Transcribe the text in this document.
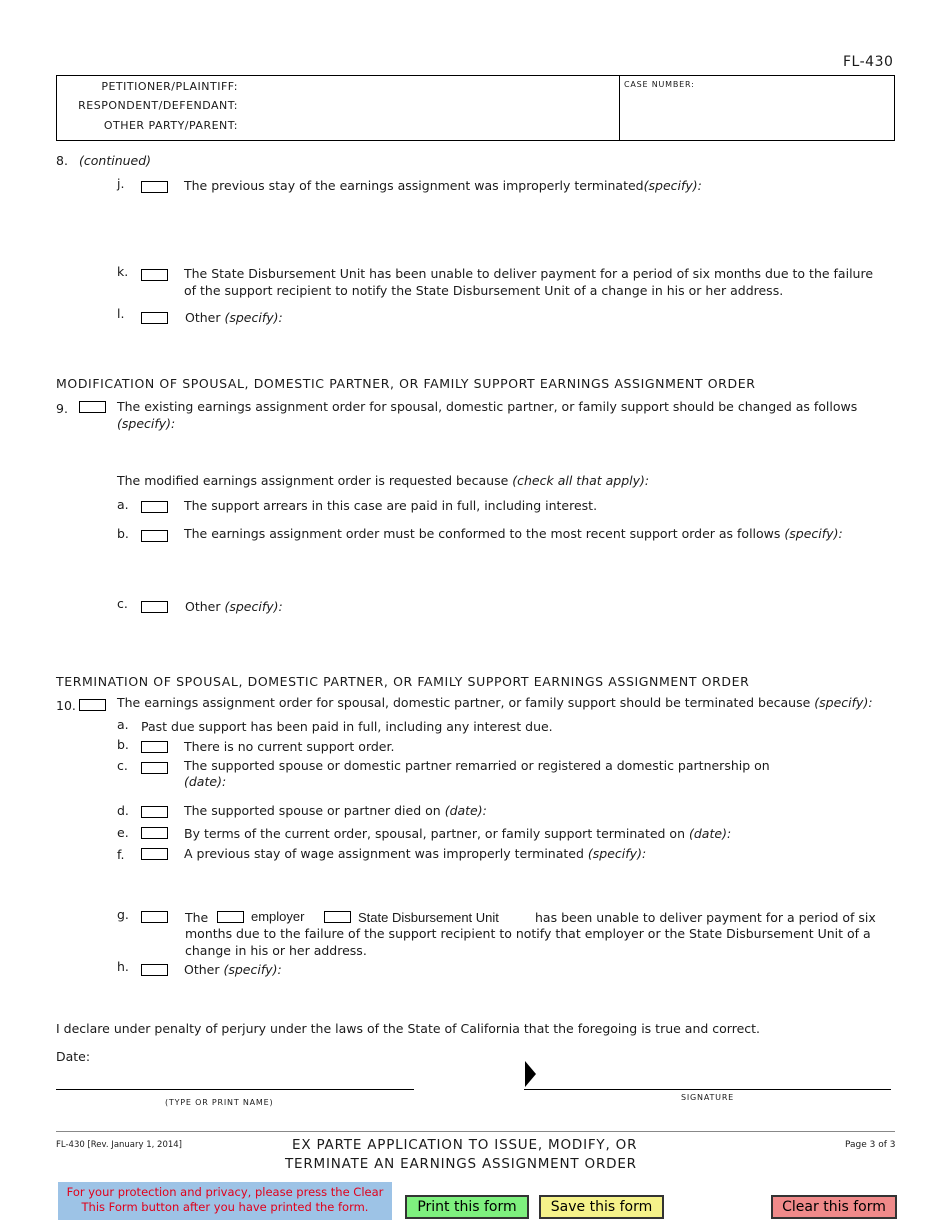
FL-430
PETITIONER/PLAINTIFF:
RESPONDENT/DEFENDANT:
OTHER PARTY/PARENT:
CASE NUMBER:
8. (continued)
j.	The previous stay of the earnings assignment was improperly terminated(specify):
k.	The State Disbursement Unit has been unable to deliver payment for a period of six months due to the failure
of the support recipient to notify the State Disbursement Unit of a change in his or her address.
l.	Other (specify):
MODIFICATION OF SPOUSAL, DOMESTIC PARTNER, OR FAMILY SUPPORT EARNINGS ASSIGNMENT ORDER
9.	The existing earnings assignment order for spousal, domestic partner, or family support should be changed as follows
(specify):
The modified earnings assignment order is requested because (check all that apply):
a.	The support arrears in this case are paid in full, including interest.
b.	The earnings assignment order must be conformed to the most recent support order as follows (specify):
c.	Other (specify):
TERMINATION OF SPOUSAL, DOMESTIC PARTNER, OR FAMILY SUPPORT EARNINGS ASSIGNMENT ORDER
10.	The earnings assignment order for spousal, domestic partner, or family support should be terminated because (specify):
a. Past due support has been paid in full, including any interest due.
b.	There is no current support order.
c.	The supported spouse or domestic partner remarried or registered a domestic partnership on
(date):
d.	The supported spouse or partner died on (date):
e.	By terms of the current order, spousal, partner, or family support terminated on (date):
f.	A previous stay of wage assignment was improperly terminated (specify):
g.	The	employer	State Disbursement Unit	has been unable to deliver payment for a period of six
months due to the failure of the support recipient to notify that employer or the State Disbursement Unit of a
change in his or her address.
h.	Other (specify):
I declare under penalty of perjury under the laws of the State of California that the foregoing is true and correct.
Date:
(TYPE OR PRINT NAME)
SIGNATURE
FL-430 [Rev. January 1, 2014]	EX PARTE APPLICATION TO ISSUE, MODIFY, OR
TERMINATE AN EARNINGS ASSIGNMENT ORDER
Page 3 of 3
For your protection and privacy, please press the Clear
This Form button after you have printed the form.	Print this form	Save this form	Clear this form
